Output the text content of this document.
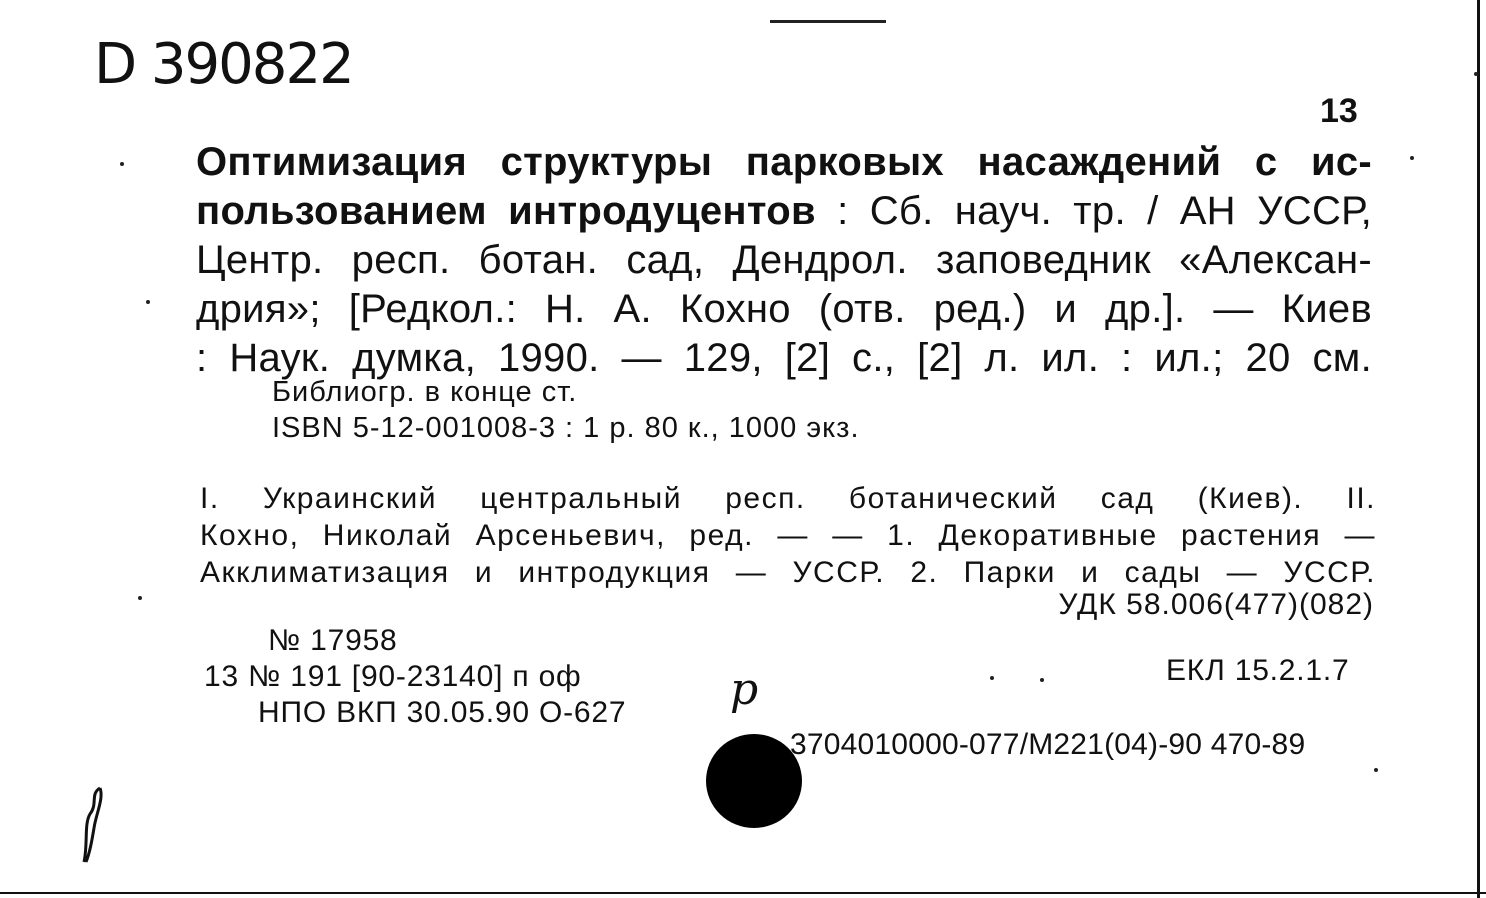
D 390822
13
Оптимизация структуры парковых насаждений с ис-
пользованием интродуцентов : Сб. науч. тр. / АН УССР,
Центр. респ. ботан. сад, Дендрол. заповедник «Алексан-
дрия»; [Редкол.: Н. А. Кохно (отв. ред.) и др.]. — Киев
: Наук. думка, 1990. — 129, [2] с., [2] л. ил. : ил.; 20 см.
Библиогр. в конце ст.
ISBN 5-12-001008-3 : 1 р. 80 к., 1000 экз.
I. Украинский центральный респ. ботанический сад (Киев). II.
Кохно, Николай Арсеньевич, ред. — — 1. Декоративные растения —
Акклиматизация и интродукция — УССР. 2. Парки и сады — УССР.
УДК 58.006(477)(082)
№ 17958
13 № 191 [90-23140] п оф
НПО ВКП 30.05.90 О-627
ЕКЛ 15.2.1.7
3704010000-077/М221(04)-90 470-89
р
